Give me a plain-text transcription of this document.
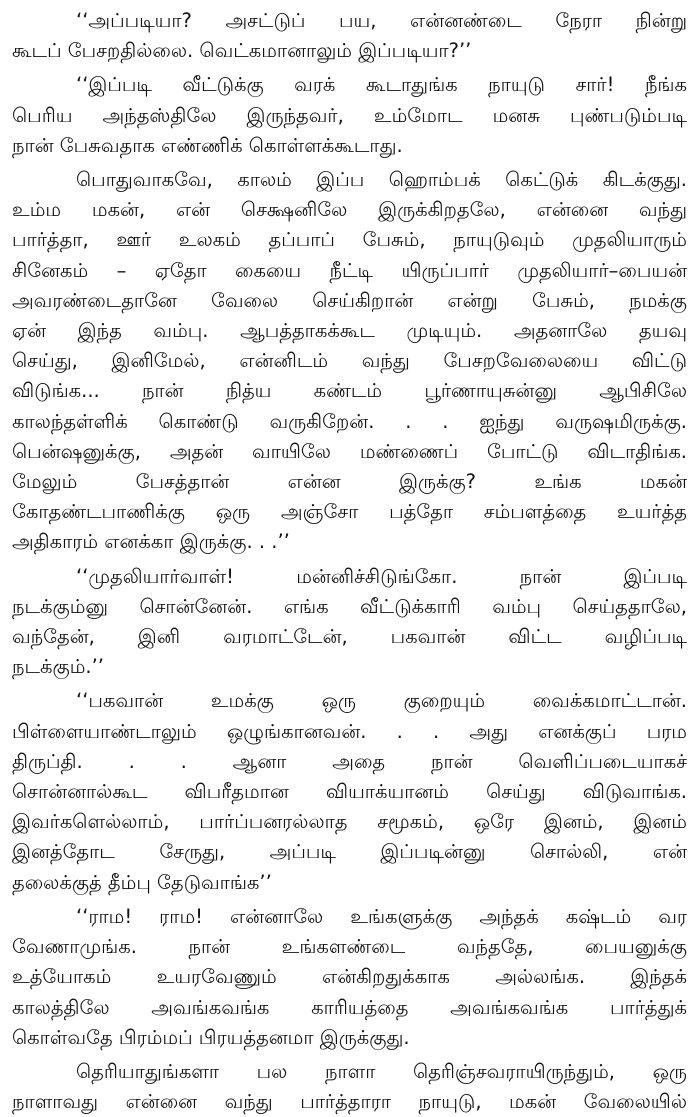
‘‘அப்படியா? அசட்டுப் பய, என்னண்டை நேரா நின்று
கூடப் பேசறதில்லை. வெட்கமானாலும் இப்படியா?’’
‘‘இப்படி வீட்டுக்கு வரக் கூடாதுங்க நாயுடு சார்! நீங்க
பெரிய அந்தஸ்திலே இருந்தவர், உம்மோட மனசு புண்படும்படி
நான் பேசுவதாக எண்ணிக் கொள்ளக்கூடாது.
பொதுவாகவே, காலம் இப்ப ஹொம்பக் கெட்டுக் கிடக்குது.
உம்ம மகன், என் செக்ஷனிலே இருக்கிறதலே, என்னை வந்து
பார்த்தா, ஊர் உலகம் தப்பாப் பேசும், நாயுடுவும் முதலியாரும்
சினேகம் – ஏதோ கையை நீட்டி யிருப்பார் முதலியார்–பையன்
அவரண்டைதானே வேலை செய்கிறான் என்று பேசும், நமக்கு
ஏன் இந்த வம்பு. ஆபத்தாகக்கூட முடியும். அதனாலே தயவு
செய்து, இனிமேல், என்னிடம் வந்து பேசறவேலையை விட்டு
விடுங்க... நான் நித்ய கண்டம் பூர்ணாயுசுன்னு ஆபிசிலே
காலந்தள்ளிக் கொண்டு வருகிறேன். . . ஐந்து வருஷமிருக்கு.
பென்ஷனுக்கு, அதன் வாயிலே மண்ணைப் போட்டு விடாதிங்க.
மேலும் பேசத்தான் என்ன இருக்கு? உங்க மகன்
கோதண்டபாணிக்கு ஒரு அஞ்சோ பத்தோ சம்பளத்தை உயர்த்த
அதிகாரம் எனக்கா இருக்கு. . .’’
‘‘முதலியார்வாள்! மன்னிச்சிடுங்கோ. நான் இப்படி
நடக்கும்னு சொன்னேன். எங்க வீட்டுக்காரி வம்பு செய்ததாலே,
வந்தேன், இனி வரமாட்டேன், பகவான் விட்ட வழிப்படி
நடக்கும்.’’
‘‘பகவான் உமக்கு ஒரு குறையும் வைக்கமாட்டான்.
பிள்ளையாண்டாலும் ஒழுங்கானவன். . . அது எனக்குப் பரம
திருப்தி. . . ஆனா அதை நான் வெளிப்படையாகச்
சொன்னால்கூட விபரீதமான வியாக்யானம் செய்து விடுவாங்க.
இவர்களெல்லாம், பார்ப்பனரல்லாத சமூகம், ஒரே இனம், இனம்
இனத்தோட சேருது, அப்படி இப்படின்னு சொல்லி, என்
தலைக்குத் தீம்பு தேடுவாங்க’’
‘‘ராம! ராம! என்னாலே உங்களுக்கு அந்தக் கஷ்டம் வர
வேணாமுங்க. நான் உங்களண்டை வந்ததே, பையனுக்கு
உத்யோகம் உயரவேணும் என்கிறதுக்காக அல்லங்க. இந்தக்
காலத்திலே அவங்கவங்க காரியத்தை அவங்கவங்க பார்த்துக்
கொள்வதே பிரம்மப் பிரயத்தனமா இருக்குது.
தெரியாதுங்களா பல நாளா தெரிஞ்சவராயிருந்தும், ஒரு
நாளாவது என்னை வந்து பார்த்தாரா நாயுடு, மகன் வேலையில்
